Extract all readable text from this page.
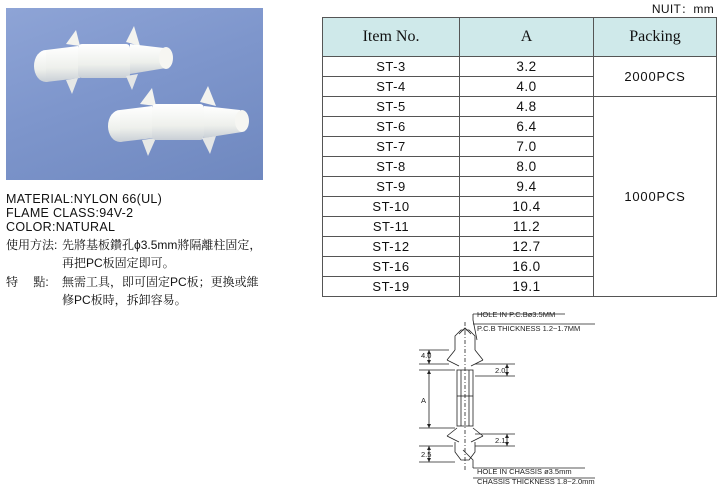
MATERIAL:NYLON 66(UL)
FLAME CLASS:94V-2
COLOR:NATURAL
使用方法: 先將基板鑽孔ϕ3.5mm將隔離柱固定，再把PC板固定即可。
特　 點:	無需工具，即可固定PC板；更換或維修PC板時，拆卸容易。
NUIT：mm
Item No.	A	Packing
ST-3	3.2	2000PCS
ST-4	4.0	
ST-5	4.8	1000PCS
ST-6	6.4	
ST-7	7.0	
ST-8	8.0	
ST-9	9.4	
ST-10	10.4	
ST-11	11.2	
ST-12	12.7	
ST-16	16.0	
ST-19	19.1	
HOLE IN P.C.Bø3.5MM
P.C.B THICKNESS 1.2~1.7MM
4.0
2.0
A
2.1
2.5
HOLE IN CHASSIS ø3.5mm
CHASSIS THICKNESS 1.8~2.0mm
